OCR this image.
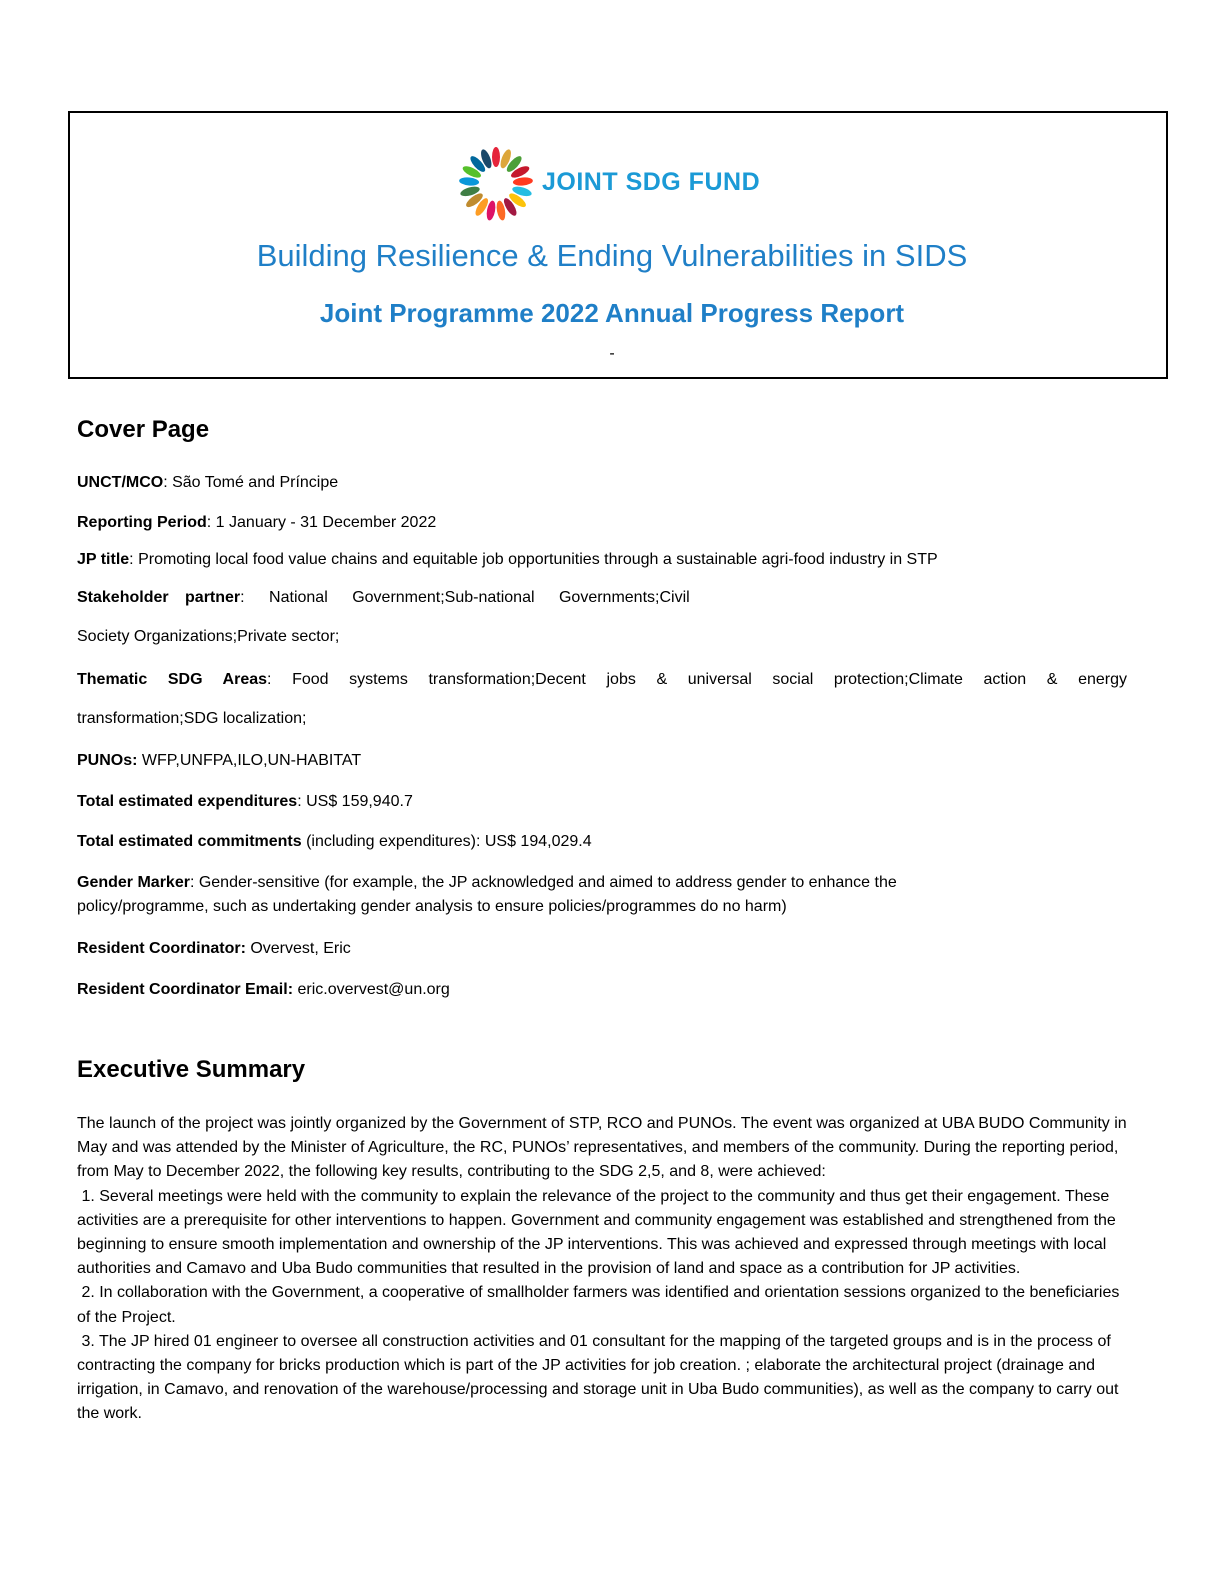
JOINT SDG FUND
Building Resilience & Ending Vulnerabilities in SIDS
Joint Programme 2022 Annual Progress Report
-
Cover Page
UNCT/MCO: São Tomé and Príncipe
Reporting Period: 1 January - 31 December 2022
JP title: Promoting local food value chains and equitable job opportunities through a sustainable agri-food industry in STP
Stakeholder partner: National Government;Sub-national Governments;Civil
Society Organizations;Private sector;
Thematic SDG Areas: Food systems transformation;Decent jobs & universal social protection;Climate action & energy
transformation;SDG localization;
PUNOs: WFP,UNFPA,ILO,UN-HABITAT
Total estimated expenditures: US$ 159,940.7
Total estimated commitments (including expenditures): US$ 194,029.4
Gender Marker: Gender-sensitive (for example, the JP acknowledged and aimed to address gender to enhance the
policy/programme, such as undertaking gender analysis to ensure policies/programmes do no harm)
Resident Coordinator: Overvest, Eric
Resident Coordinator Email: eric.overvest@un.org
Executive Summary

The launch of the project was jointly organized by the Government of STP, RCO and PUNOs. The event was organized at UBA BUDO Community in May and was attended by the Minister of Agriculture, the RC, PUNOs’ representatives, and members of the community. During the reporting period, from May to December 2022, the following key results, contributing to the SDG 2,5, and 8, were achieved:

1. Several meetings were held with the community to explain the relevance of the project to the community and thus get their engagement. These activities are a prerequisite for other interventions to happen. Government and community engagement was established and strengthened from the beginning to ensure smooth implementation and ownership of the JP interventions. This was achieved and expressed through meetings with local authorities and Camavo and Uba Budo communities that resulted in the provision of land and space as a contribution for JP activities.

2. In collaboration with the Government, a cooperative of smallholder farmers was identified and orientation sessions organized to the beneficiaries of the Project.

3. The JP hired 01 engineer to oversee all construction activities and 01 consultant for the mapping of the targeted groups and is in the process of contracting the company for bricks production which is part of the JP activities for job creation. ; elaborate the architectural project (drainage and irrigation, in Camavo, and renovation of the warehouse/processing and storage unit in Uba Budo communities), as well as the company to carry out the work.
